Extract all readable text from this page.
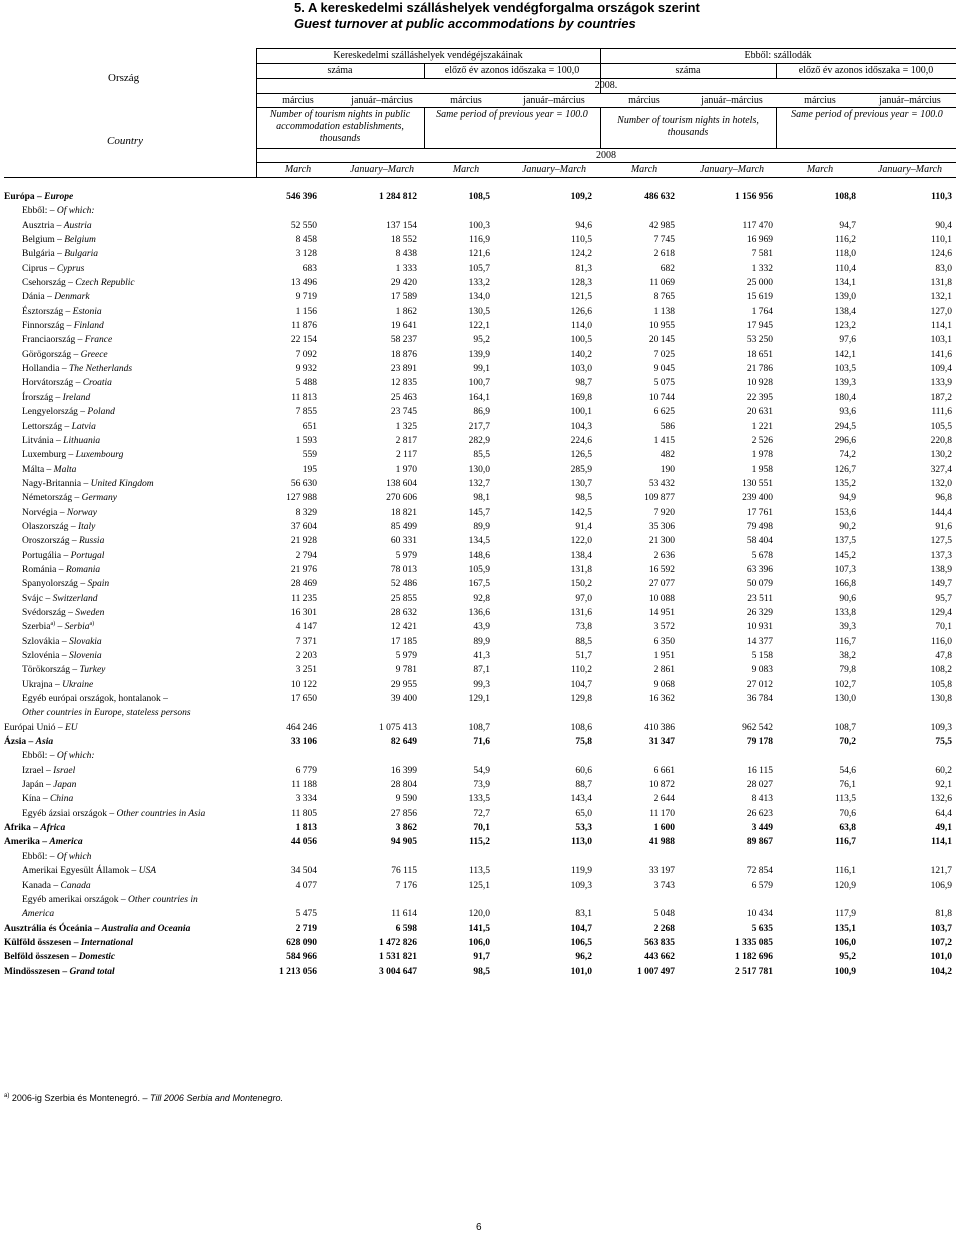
5. A kereskedelmi szálláshelyek vendégforgalma országok szerint
Guest turnover at public accommodations by countries
Ország
Country
Kereskedelmi szálláshelyek vendégéjszakáinak	Ebből: szállodák
száma	előző év azonos időszaka = 100,0	száma	előző év azonos időszaka = 100,0
2008.
március	január–március	március	január–március	március	január–március	március	január–március
Number of tourism nights in public accommodation establishments, thousands
Same period of previous year = 100.0
Number of tourism nights in hotels, thousands
Same period of previous year = 100.0
2008
March	January–March	March	January–March	March	January–March	March	January–March
Európa – Europe	546 396	1 284 812	108,5	109,2	486 632	1 156 956	108,8	110,3
Ebből: – Of which:
Ausztria – Austria	52 550	137 154	100,3	94,6	42 985	117 470	94,7	90,4
Belgium – Belgium	8 458	18 552	116,9	110,5	7 745	16 969	116,2	110,1
Bulgária – Bulgaria	3 128	8 438	121,6	124,2	2 618	7 581	118,0	124,6
Ciprus – Cyprus	683	1 333	105,7	81,3	682	1 332	110,4	83,0
Csehország – Czech Republic	13 496	29 420	133,2	128,3	11 069	25 000	134,1	131,8
Dánia – Denmark	9 719	17 589	134,0	121,5	8 765	15 619	139,0	132,1
Észtország – Estonia	1 156	1 862	130,5	126,6	1 138	1 764	138,4	127,0
Finnország – Finland	11 876	19 641	122,1	114,0	10 955	17 945	123,2	114,1
Franciaország – France	22 154	58 237	95,2	100,5	20 145	53 250	97,6	103,1
Görögország – Greece	7 092	18 876	139,9	140,2	7 025	18 651	142,1	141,6
Hollandia – The Netherlands	9 932	23 891	99,1	103,0	9 045	21 786	103,5	109,4
Horvátország – Croatia	5 488	12 835	100,7	98,7	5 075	10 928	139,3	133,9
Írország – Ireland	11 813	25 463	164,1	169,8	10 744	22 395	180,4	187,2
Lengyelország – Poland	7 855	23 745	86,9	100,1	6 625	20 631	93,6	111,6
Lettország – Latvia	651	1 325	217,7	104,3	586	1 221	294,5	105,5
Litvánia – Lithuania	1 593	2 817	282,9	224,6	1 415	2 526	296,6	220,8
Luxemburg – Luxembourg	559	2 117	85,5	126,5	482	1 978	74,2	130,2
Málta – Malta	195	1 970	130,0	285,9	190	1 958	126,7	327,4
Nagy-Britannia – United Kingdom	56 630	138 604	132,7	130,7	53 432	130 551	135,2	132,0
Németország – Germany	127 988	270 606	98,1	98,5	109 877	239 400	94,9	96,8
Norvégia – Norway	8 329	18 821	145,7	142,5	7 920	17 761	153,6	144,4
Olaszország – Italy	37 604	85 499	89,9	91,4	35 306	79 498	90,2	91,6
Oroszország – Russia	21 928	60 331	134,5	122,0	21 300	58 404	137,5	127,5
Portugália – Portugal	2 794	5 979	148,6	138,4	2 636	5 678	145,2	137,3
Románia – Romania	21 976	78 013	105,9	131,8	16 592	63 396	107,3	138,9
Spanyolország – Spain	28 469	52 486	167,5	150,2	27 077	50 079	166,8	149,7
Svájc – Switzerland	11 235	25 855	92,8	97,0	10 088	23 511	90,6	95,7
Svédország – Sweden	16 301	28 632	136,6	131,6	14 951	26 329	133,8	129,4
Szerbia$^{a)}$ – Serbia$^{a)}$	4 147	12 421	43,9	73,8	3 572	10 931	39,3	70,1
Szlovákia – Slovakia	7 371	17 185	89,9	88,5	6 350	14 377	116,7	116,0
Szlovénia – Slovenia	2 203	5 979	41,3	51,7	1 951	5 158	38,2	47,8
Törökország – Turkey	3 251	9 781	87,1	110,2	2 861	9 083	79,8	108,2
Ukrajna – Ukraine	10 122	29 955	99,3	104,7	9 068	27 012	102,7	105,8
Egyéb európai országok, hontalanok –	17 650	39 400	129,1	129,8	16 362	36 784	130,0	130,8
Other countries in Europe, stateless persons
Európai Unió – EU	464 246	1 075 413	108,7	108,6	410 386	962 542	108,7	109,3
Ázsia – Asia	33 106	82 649	71,6	75,8	31 347	79 178	70,2	75,5
Ebből: – Of which:
Izrael – Israel	6 779	16 399	54,9	60,6	6 661	16 115	54,6	60,2
Japán – Japan	11 188	28 804	73,9	88,7	10 872	28 027	76,1	92,1
Kína – China	3 334	9 590	133,5	143,4	2 644	8 413	113,5	132,6
Egyéb ázsiai országok – Other countries in Asia	11 805	27 856	72,7	65,0	11 170	26 623	70,6	64,4
Afrika – Africa	1 813	3 862	70,1	53,3	1 600	3 449	63,8	49,1
Amerika – America	44 056	94 905	115,2	113,0	41 988	89 867	116,7	114,1
Ebből: – Of which
Amerikai Egyesült Államok – USA	34 504	76 115	113,5	119,9	33 197	72 854	116,1	121,7
Kanada – Canada	4 077	7 176	125,1	109,3	3 743	6 579	120,9	106,9
Egyéb amerikai országok – Other countries in
America	5 475	11 614	120,0	83,1	5 048	10 434	117,9	81,8
Ausztrália és Óceánia – Australia and Oceania	2 719	6 598	141,5	104,7	2 268	5 635	135,1	103,7
Külföld összesen – International	628 090	1 472 826	106,0	106,5	563 835	1 335 085	106,0	107,2
Belföld összesen – Domestic	584 966	1 531 821	91,7	96,2	443 662	1 182 696	95,2	101,0
Mindösszesen – Grand total	1 213 056	3 004 647	98,5	101,0	1 007 497	2 517 781	100,9	104,2
$^{a)}$ 2006-ig Szerbia és Montenegró. – Till 2006 Serbia and Montenegro.
6
